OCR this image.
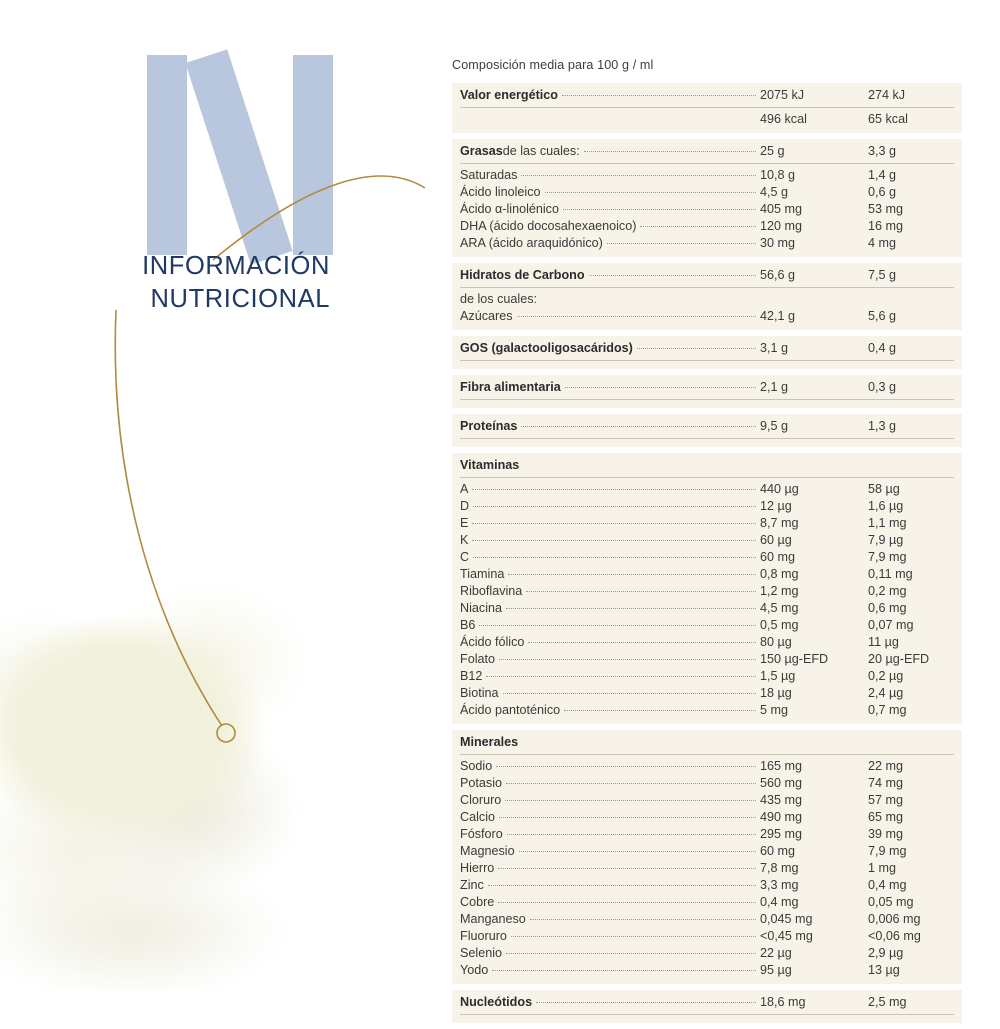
INFORMACIÓN
NUTRICIONAL
Composición media para 100 g / ml
Valor energético	2075 kJ	274 kJ
496 kcal	65 kcal
Grasas de las cuales:	25 g	3,3 g
Saturadas	10,8 g	1,4 g
Ácido linoleico	4,5 g	0,6 g
Ácido α-linolénico	405 mg	53 mg
DHA (ácido docosahexaenoico)	120 mg	16 mg
ARA (ácido araquidónico)	30 mg	4 mg
Hidratos de Carbono	56,6 g	7,5 g
de los cuales:
Azúcares	42,1 g	5,6 g
GOS (galactooligosacáridos)	3,1 g	0,4 g
Fibra alimentaria	2,1 g	0,3 g
Proteínas	9,5 g	1,3 g
Vitaminas
A	440 µg	58 µg
D	12 µg	1,6 µg
E	8,7 mg	1,1 mg
K	60 µg	7,9 µg
C	60 mg	7,9 mg
Tiamina	0,8 mg	0,11 mg
Riboflavina	1,2 mg	0,2 mg
Niacina	4,5 mg	0,6 mg
B6	0,5 mg	0,07 mg
Ácido fólico	80 µg	11 µg
Folato	150 µg-EFD	20 µg-EFD
B12	1,5 µg	0,2 µg
Biotina	18 µg	2,4 µg
Ácido pantoténico	5 mg	0,7 mg
Minerales
Sodio	165 mg	22 mg
Potasio	560 mg	74 mg
Cloruro	435 mg	57 mg
Calcio	490 mg	65 mg
Fósforo	295 mg	39 mg
Magnesio	60 mg	7,9 mg
Hierro	7,8 mg	1 mg
Zinc	3,3 mg	0,4 mg
Cobre	0,4 mg	0,05 mg
Manganeso	0,045 mg	0,006 mg
Fluoruro	<0,45 mg	<0,06 mg
Selenio	22 µg	2,9 µg
Yodo	95 µg	13 µg
Nucleótidos	18,6 mg	2,5 mg
